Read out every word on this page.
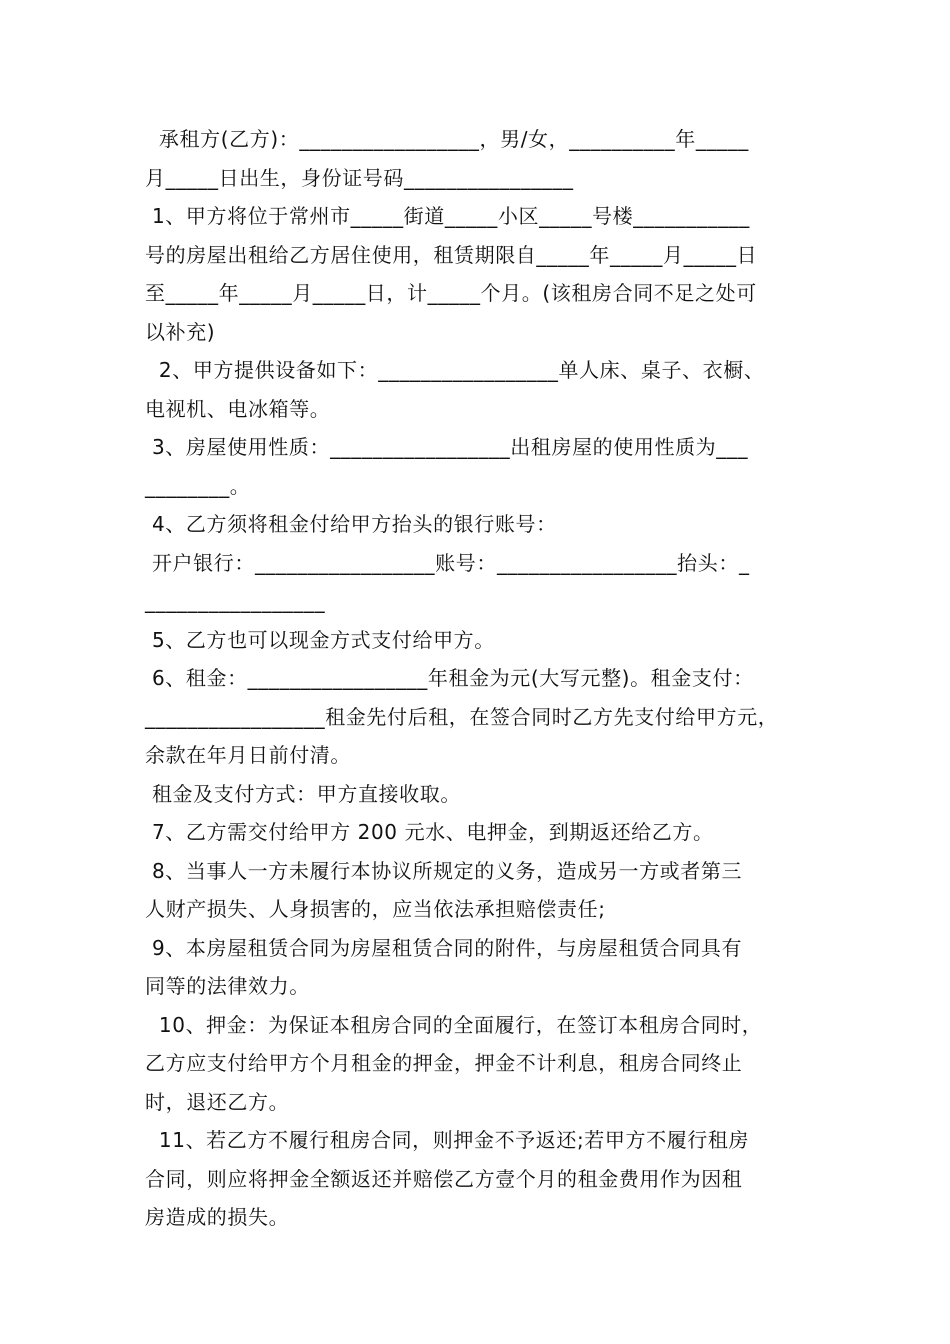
承租方(乙方)：_________________，男/女，__________年_____
月_____日出生，身份证号码________________
1、甲方将位于常州市_____街道_____小区_____号楼___________
号的房屋出租给乙方居住使用，租赁期限自_____年_____月_____日
至_____年_____月_____日，计_____个月。(该租房合同不足之处可
以补充)
2、甲方提供设备如下：_________________单人床、桌子、衣橱、
电视机、电冰箱等。
3、房屋使用性质：_________________出租房屋的使用性质为___
________。
4、乙方须将租金付给甲方抬头的银行账号：
开户银行：_________________账号：_________________抬头：_
_________________
5、乙方也可以现金方式支付给甲方。
6、租金：_________________年租金为元(大写元整)。租金支付：
_________________租金先付后租，在签合同时乙方先支付给甲方元，
余款在年月日前付清。
租金及支付方式：甲方直接收取。
7、乙方需交付给甲方 200 元水、电押金，到期返还给乙方。
8、当事人一方未履行本协议所规定的义务，造成另一方或者第三
人财产损失、人身损害的，应当依法承担赔偿责任;
9、本房屋租赁合同为房屋租赁合同的附件，与房屋租赁合同具有
同等的法律效力。
10、押金：为保证本租房合同的全面履行，在签订本租房合同时，
乙方应支付给甲方个月租金的押金，押金不计利息，租房合同终止
时，退还乙方。
11、若乙方不履行租房合同，则押金不予返还;若甲方不履行租房
合同，则应将押金全额返还并赔偿乙方壹个月的租金费用作为因租
房造成的损失。
